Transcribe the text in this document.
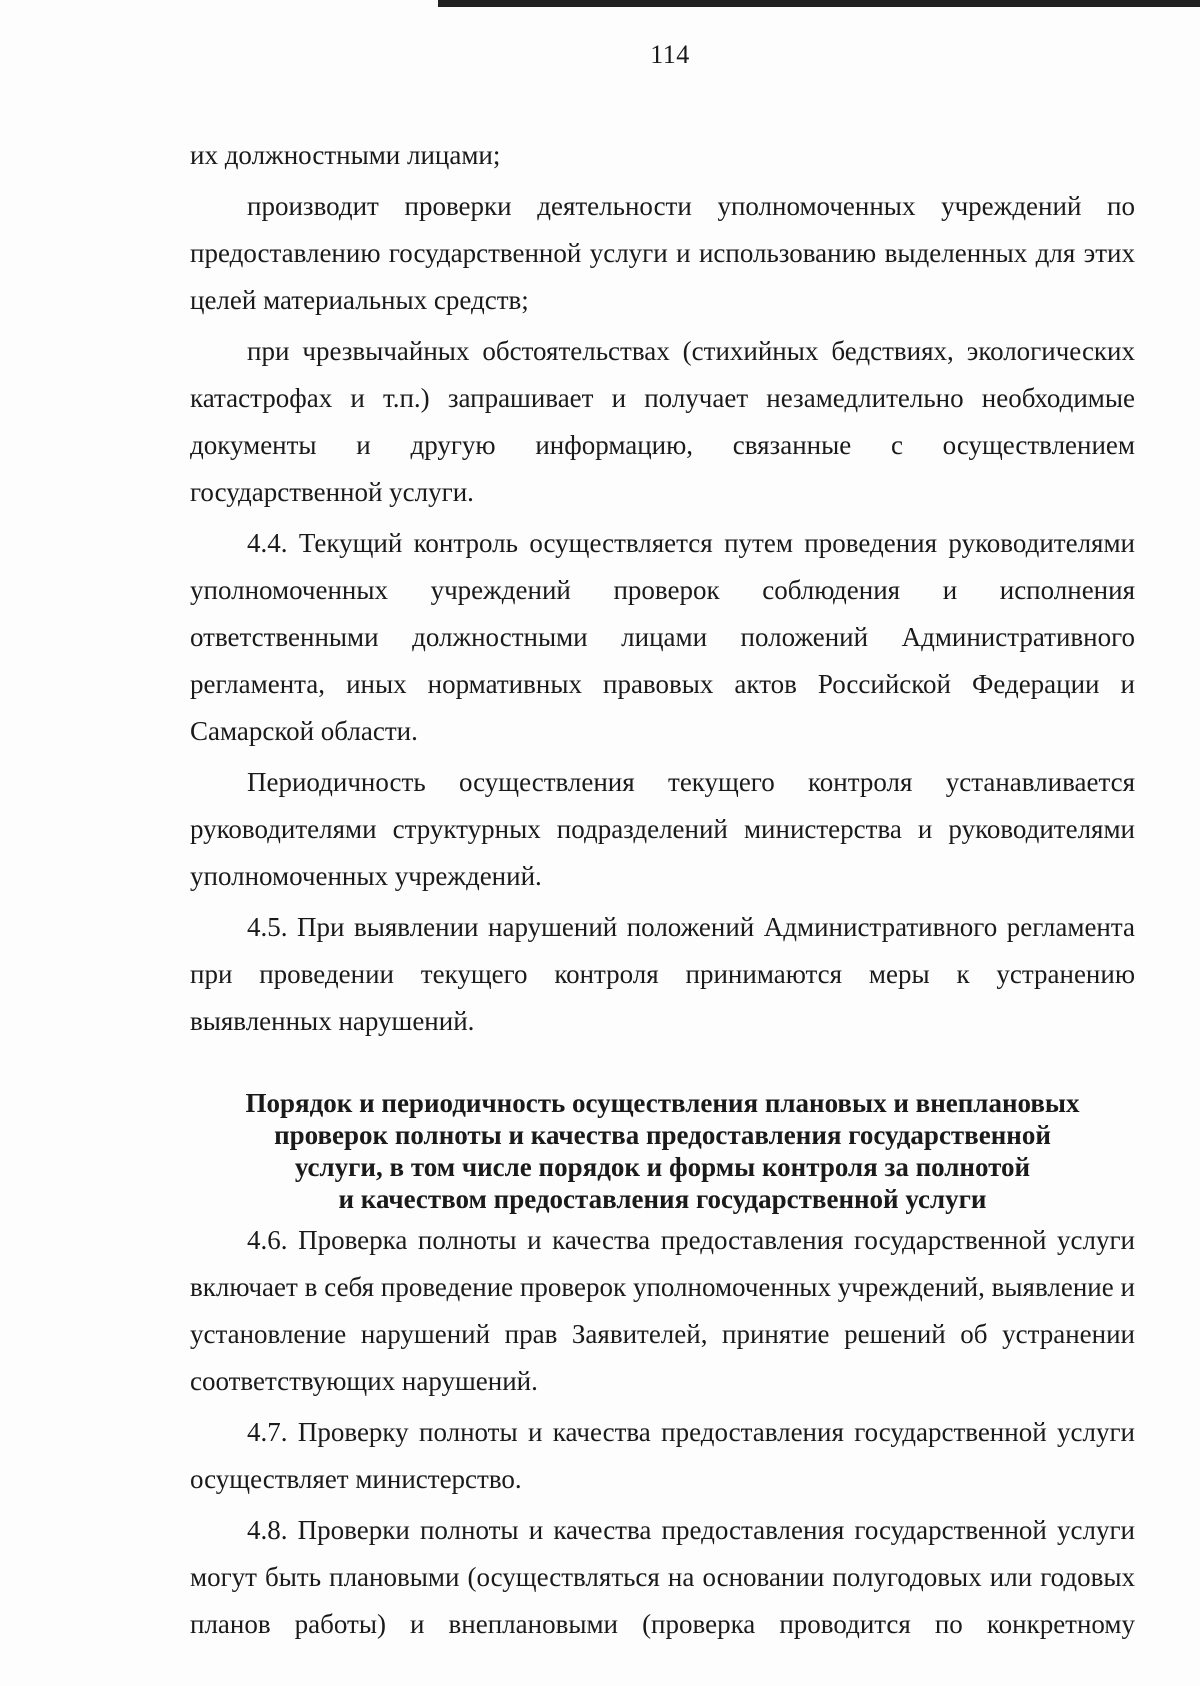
114

их должностными лицами;

производит проверки деятельности уполномоченных учреждений по предоставлению государственной услуги и использованию выделенных для этих целей материальных средств;

при чрезвычайных обстоятельствах (стихийных бедствиях, экологических катастрофах и т.п.) запрашивает и получает незамедлительно необходимые документы и другую информацию, связанные с осуществлением государственной услуги.

4.4. Текущий контроль осуществляется путем проведения руководителями уполномоченных учреждений проверок соблюдения и исполнения ответственными должностными лицами положений Административного регламента, иных нормативных правовых актов Российской Федерации и Самарской области.

Периодичность осуществления текущего контроля устанавливается руководителями структурных подразделений министерства и руководителями уполномоченных учреждений.

4.5. При выявлении нарушений положений Административного регламента при проведении текущего контроля принимаются меры к устранению выявленных нарушений.

Порядок и периодичность осуществления плановых и внеплановых
проверок полноты и качества предоставления государственной
услуги, в том числе порядок и формы контроля за полнотой
и качеством предоставления государственной услуги

4.6. Проверка полноты и качества предоставления государственной услуги включает в себя проведение проверок уполномоченных учреждений, выявление и установление нарушений прав Заявителей, принятие решений об устранении соответствующих нарушений.

4.7. Проверку полноты и качества предоставления государственной услуги осуществляет министерство.

4.8. Проверки полноты и качества предоставления государственной услуги могут быть плановыми (осуществляться на основании полугодовых или годовых планов работы) и внеплановыми (проверка проводится по конкретному
